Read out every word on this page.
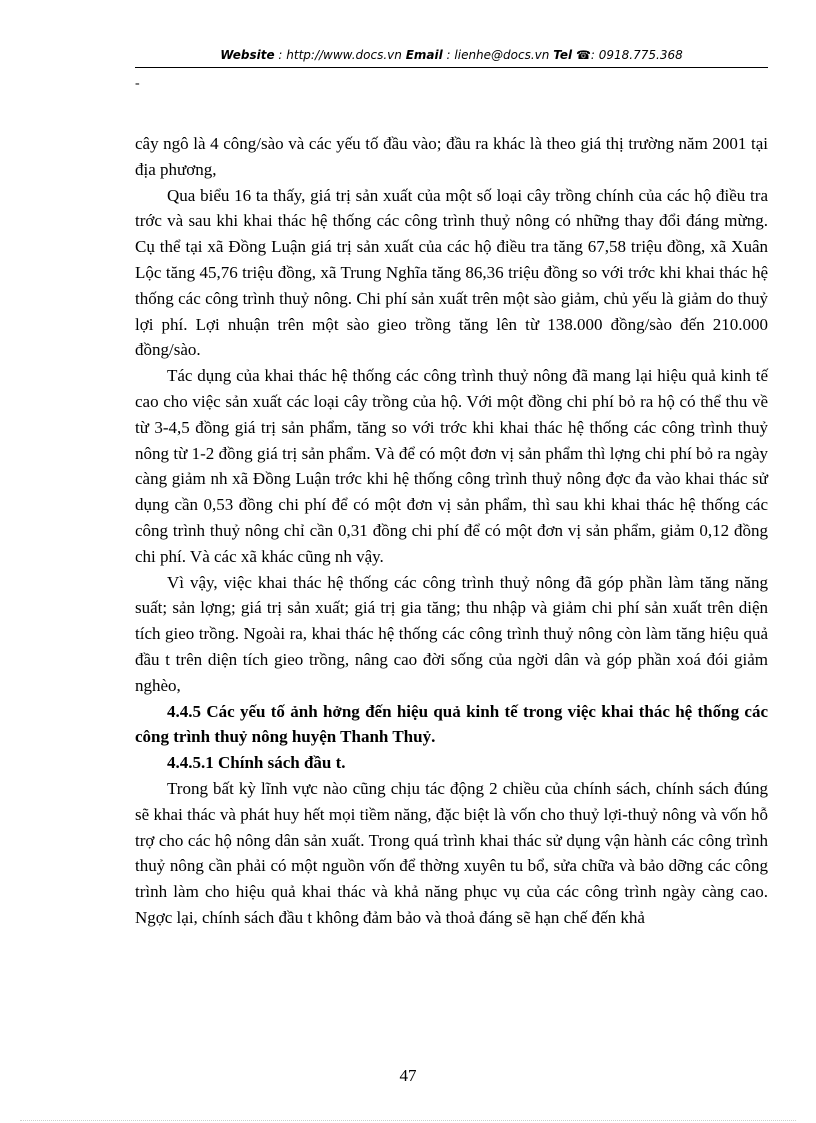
Website : http://www.docs.vn Email : lienhe@docs.vn Tel ☎: 0918.775.368
-

cây ngô là 4 công/sào và các yếu tố đầu vào; đầu ra khác là theo giá thị trường năm 2001 tại địa phương,

Qua biểu 16 ta thấy, giá trị sản xuất của một số loại cây trồng chính của các hộ điều tra trớc và sau khi khai thác hệ thống các công trình thuỷ nông có những thay đổi đáng mừng. Cụ thể tại xã Đồng Luận giá trị sản xuất của các hộ điều tra tăng 67,58 triệu đồng, xã Xuân Lộc tăng 45,76 triệu đồng, xã Trung Nghĩa tăng 86,36 triệu đồng so với trớc khi khai thác hệ thống các công trình thuỷ nông. Chi phí sản xuất trên một sào giảm, chủ yếu là giảm do thuỷ lợi phí. Lợi nhuận trên một sào gieo trồng tăng lên từ 138.000 đồng/sào đến 210.000 đồng/sào.

Tác dụng của khai thác hệ thống các công trình thuỷ nông đã mang lại hiệu quả kinh tế cao cho việc sản xuất các loại cây trồng của hộ. Với một đồng chi phí bỏ ra hộ có thể thu về từ 3-4,5 đồng giá trị sản phẩm, tăng so với trớc khi khai thác hệ thống các công trình thuỷ nông từ 1-2 đồng giá trị sản phẩm. Và để có một đơn vị sản phẩm thì lợng chi phí bỏ ra ngày càng giảm nh xã Đồng Luận trớc khi hệ thống công trình thuỷ nông đợc đa vào khai thác sử dụng cần 0,53 đồng chi phí để có một đơn vị sản phẩm, thì sau khi khai thác hệ thống các công trình thuỷ nông chỉ cần 0,31 đồng chi phí để có một đơn vị sản phẩm, giảm 0,12 đồng chi phí. Và các xã khác cũng nh vậy.

Vì vậy, việc khai thác hệ thống các công trình thuỷ nông đã góp phần làm tăng năng suất; sản lợng; giá trị sản xuất; giá trị gia tăng; thu nhập và giảm chi phí sản xuất trên diện tích gieo trồng. Ngoài ra, khai thác hệ thống các công trình thuỷ nông còn làm tăng hiệu quả đầu t trên diện tích gieo trồng, nâng cao đời sống của ngời dân và góp phần xoá đói giảm nghèo,

4.4.5 Các yếu tố ảnh hởng đến hiệu quả kinh tế trong việc khai thác hệ thống các công trình thuỷ nông huyện Thanh Thuỷ.

4.4.5.1 Chính sách đầu t.

Trong bất kỳ lĩnh vực nào cũng chịu tác động 2 chiều của chính sách, chính sách đúng sẽ khai thác và phát huy hết mọi tiềm năng, đặc biệt là vốn cho thuỷ lợi-thuỷ nông và vốn hỗ trợ cho các hộ nông dân sản xuất. Trong quá trình khai thác sử dụng vận hành các công trình thuỷ nông cần phải có một nguồn vốn để thờng xuyên tu bổ, sửa chữa và bảo dỡng các công trình làm cho hiệu quả khai thác và khả năng phục vụ của các công trình ngày càng cao. Ngợc lại, chính sách đầu t không đảm bảo và thoả đáng sẽ hạn chế đến khả

47
